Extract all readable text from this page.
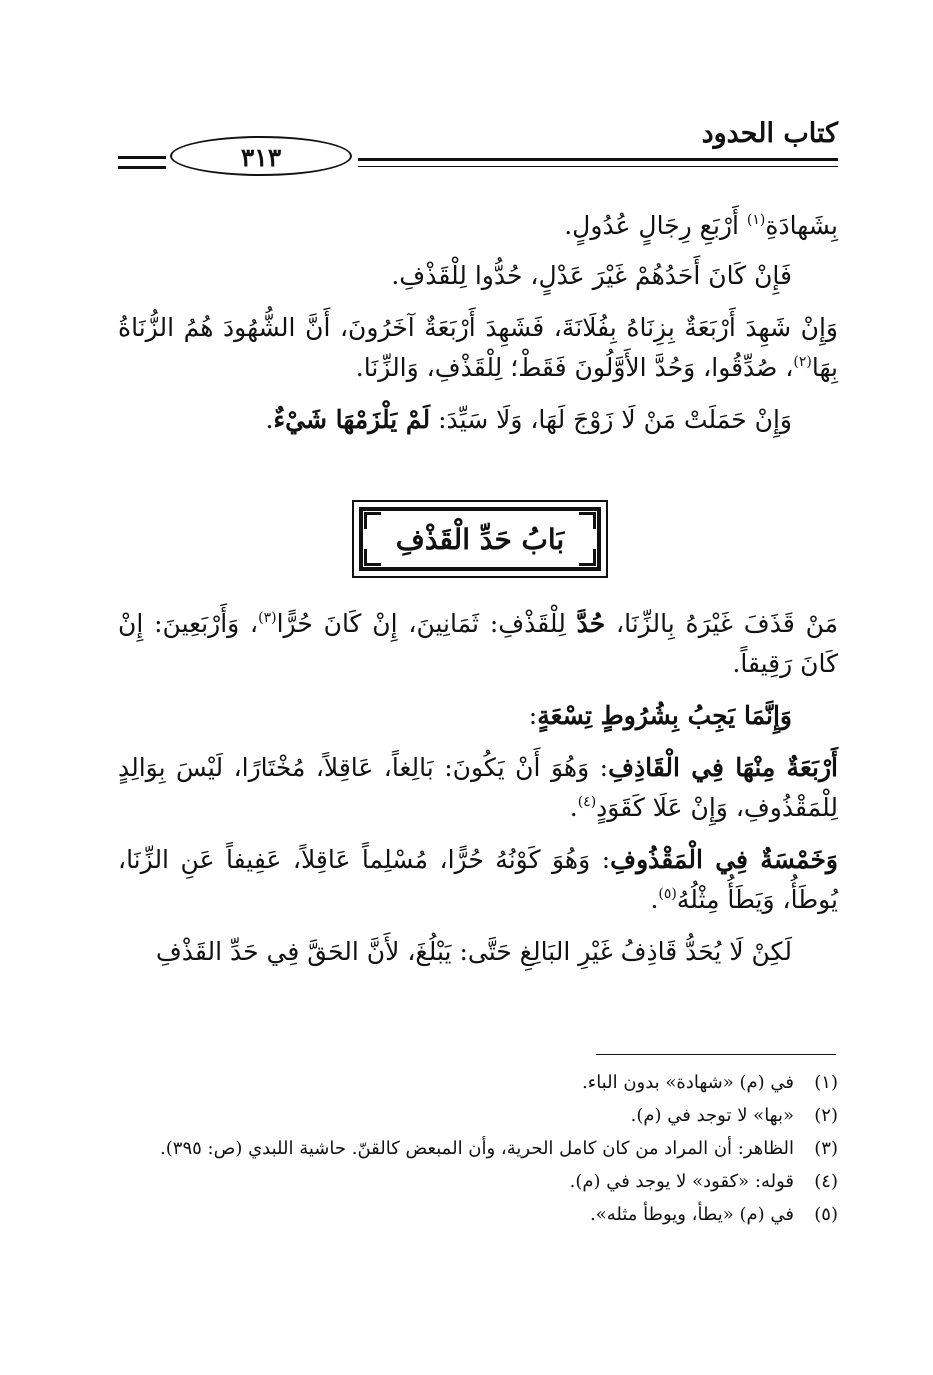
كتاب الحدود
٣١٣

بِشَهادَةِ$^{(١)}$ أَرْبَعِ رِجَالٍ عُدُولٍ.

فَإِنْ كَانَ أَحَدُهُمْ غَيْرَ عَدْلٍ، حُدُّوا لِلْقَذْفِ.

وَإِنْ شَهِدَ أَرْبَعَةٌ بِزِنَاهُ بِفُلَانَةَ، فَشَهِدَ أَرْبَعَةٌ آخَرُونَ، أَنَّ الشُّهُودَ هُمُ الزُّنَاةُ بِهَا$^{(٢)}$، صُدِّقُوا، وَحُدَّ الأَوَّلُونَ فَقَطْ؛ لِلْقَذْفِ، وَالزِّنَا.

وَإِنْ حَمَلَتْ مَنْ لَا زَوْجَ لَهَا، وَلَا سَيِّدَ: لَمْ يَلْزَمْهَا شَيْءٌ.

بَابُ حَدِّ الْقَذْفِ

مَنْ قَذَفَ غَيْرَهُ بِالزِّنَا، حُدَّ لِلْقَذْفِ: ثَمَانِينَ، إِنْ كَانَ حُرًّا$^{(٣)}$، وَأَرْبَعِينَ: إِنْ كَانَ رَقِيقاً.

وَإِنَّمَا يَجِبُ بِشُرُوطٍ تِسْعَةٍ:

أَرْبَعَةٌ مِنْهَا فِي الْقَاذِفِ: وَهُوَ أَنْ يَكُونَ: بَالِغاً، عَاقِلاً، مُخْتَارًا، لَيْسَ بِوَالِدٍ لِلْمَقْذُوفِ، وَإِنْ عَلَا كَقَوَدٍ$^{(٤)}$.

وَخَمْسَةٌ فِي الْمَقْذُوفِ: وَهُوَ كَوْنُهُ حُرًّا، مُسْلِماً عَاقِلاً، عَفِيفاً عَنِ الزِّنَا، يُوطَأُ، وَيَطَأُ مِثْلُهُ$^{(٥)}$.

لَكِنْ لَا يُحَدُّ قَاذِفُ غَيْرِ البَالِغِ حَتَّى: يَبْلُغَ، لأَنَّ الحَقَّ فِي حَدِّ القَذْفِ

(١)
في (م) «شهادة» بدون الباء.

(٢)
«بها» لا توجد في (م).

(٣)
الظاهر: أن المراد من كان كامل الحرية، وأن المبعض كالقنّ. حاشية اللبدي (ص: ٣٩٥).

(٤)
قوله: «كقود» لا يوجد في (م).

(٥)
في (م) «يطأ، ويوطأ مثله».
